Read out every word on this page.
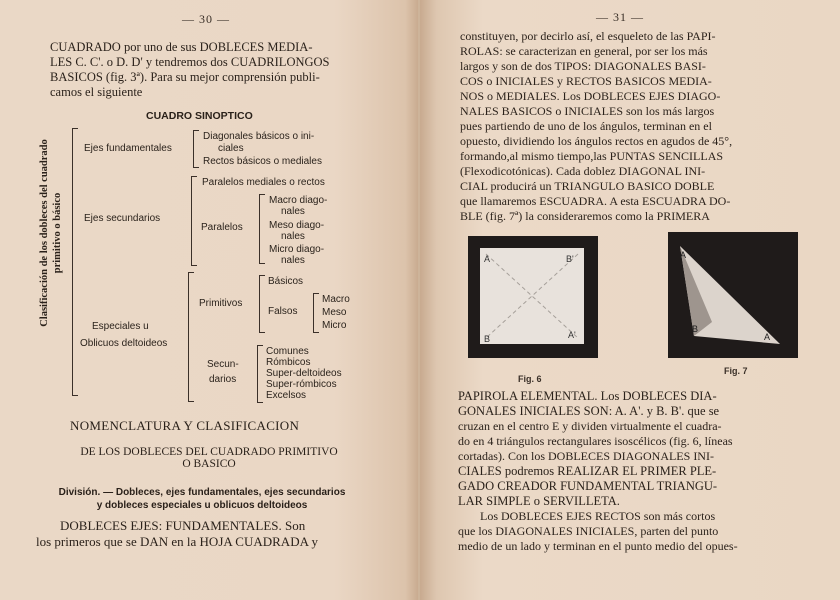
— 30 —
CUADRADO por uno de sus DOBLECES MEDIA-
LES C. C'. o D. D' y tendremos dos CUADRILONGOS
BASICOS (fig. 3ª). Para su mejor comprensión publi-
camos el siguiente
CUADRO SINOPTICO
Clasificación de los dobleces del cuadrado primitivo o básico
Ejes fundamentales
Diagonales básicos o ini-
ciales
Rectos básicos o mediales
Ejes secundarios
Paralelos mediales o rectos
Paralelos
Macro diago-
nales
Meso diago-
nales
Micro diago-
nales
Especiales u
Oblicuos deltoideos
Primitivos
Básicos
Falsos
Macro
Meso
Micro
Secun-
darios
Comunes
Rómbicos
Super-deltoideos
Super-rómbicos
Excelsos
NOMENCLATURA Y CLASIFICACION
DE LOS DOBLECES DEL CUADRADO PRIMITIVO
O BASICO
División. — Dobleces, ejes fundamentales, ejes secundarios
y dobleces especiales u oblicuos deltoideos
DOBLECES EJES: FUNDAMENTALES. Son
los primeros que se DAN en la HOJA CUADRADA y
— 31 —
constituyen, por decirlo así, el esqueleto de las PAPI-
ROLAS: se caracterizan en general, por ser los más
largos y son de dos TIPOS: DIAGONALES BASI-
COS o INICIALES y RECTOS BASICOS MEDIA-
NOS o MEDIALES. Los DOBLECES EJES DIAGO-
NALES BASICOS o INICIALES son los más largos
pues partiendo de uno de los ángulos, terminan en el
opuesto, dividiendo los ángulos rectos en agudos de 45°,
formando,al mismo tiempo,las PUNTAS SENCILLAS
(Flexodicotónicas). Cada doblez DIAGONAL INI-
CIAL producirá un TRIANGULO BASICO DOBLE
que llamaremos ESCUADRA. A esta ESCUADRA DO-
BLE (fig. 7ª) la consideraremos como la PRIMERA
A	B'
B	A'
Fig. 6
A
B
A
Fig. 7
PAPIROLA ELEMENTAL. Los DOBLECES DIA-
GONALES INICIALES SON: A. A'. y B. B'. que se
cruzan en el centro E y dividen virtualmente el cuadra-
do en 4 triángulos rectangulares isoscélicos (fig. 6, líneas
cortadas). Con los DOBLECES DIAGONALES INI-
CIALES podremos REALIZAR EL PRIMER PLE-
GADO CREADOR FUNDAMENTAL TRIANGU-
LAR SIMPLE o SERVILLETA.
Los DOBLECES EJES RECTOS son más cortos
que los DIAGONALES INICIALES, parten del punto
medio de un lado y terminan en el punto medio del opues-
